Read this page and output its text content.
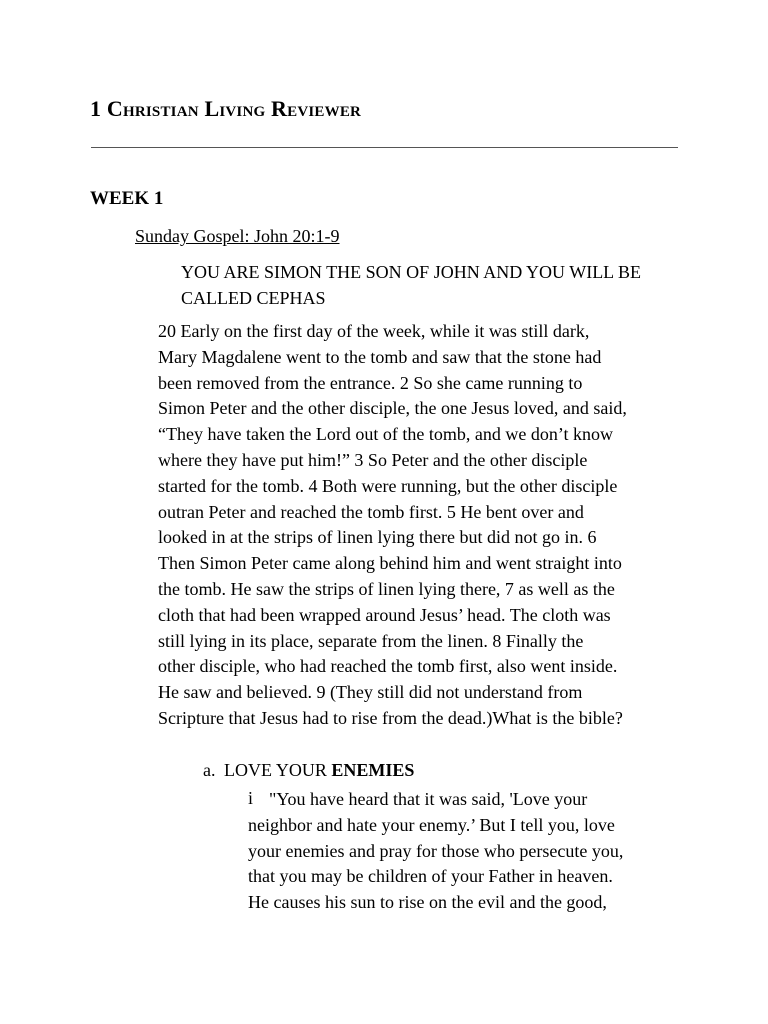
1 Christian Living Reviewer
WEEK 1
Sunday Gospel: John 20:1-9
YOU ARE SIMON THE SON OF JOHN AND YOU WILL BE CALLED CEPHAS
20 Early on the first day of the week, while it was still dark,
Mary Magdalene went to the tomb and saw that the stone had
been removed from the entrance. 2 So she came running to
Simon Peter and the other disciple, the one Jesus loved, and said,
“They have taken the Lord out of the tomb, and we don’t know
where they have put him!” 3 So Peter and the other disciple
started for the tomb. 4 Both were running, but the other disciple
outran Peter and reached the tomb first. 5 He bent over and
looked in at the strips of linen lying there but did not go in. 6
Then Simon Peter came along behind him and went straight into
the tomb. He saw the strips of linen lying there, 7 as well as the
cloth that had been wrapped around Jesus’ head. The cloth was
still lying in its place, separate from the linen. 8 Finally the
other disciple, who had reached the tomb first, also went inside.
He saw and believed. 9 (They still did not understand from
Scripture that Jesus had to rise from the dead.)What is the bible?
a. LOVE YOUR ENEMIES
i "You have heard that it was said, 'Love your
neighbor and hate your enemy.’ But I tell you, love
your enemies and pray for those who persecute you,
that you may be children of your Father in heaven.
He causes his sun to rise on the evil and the good,
